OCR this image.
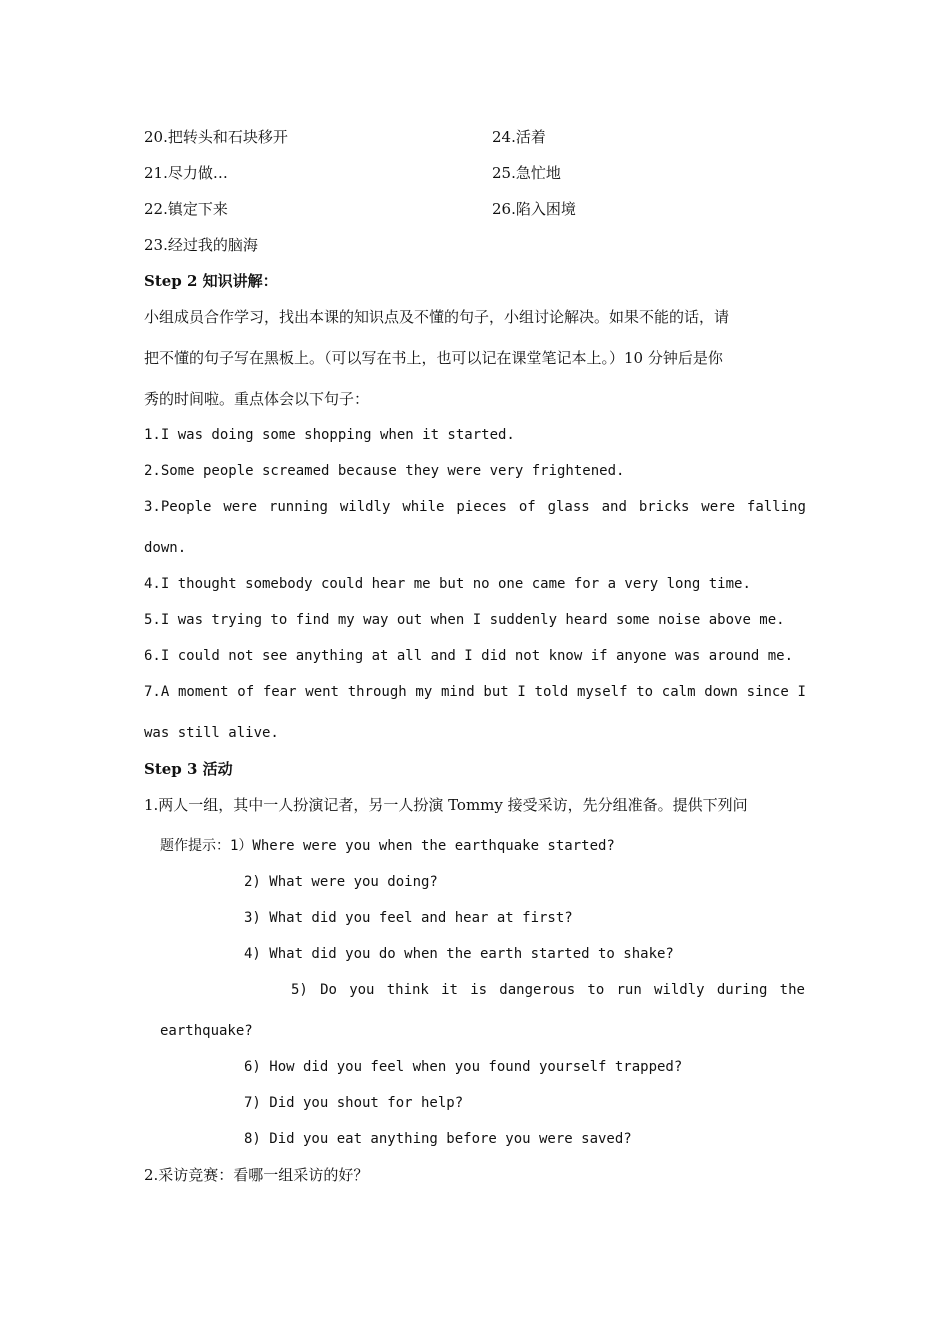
20.把转头和石块移开	24.活着
21.尽力做…	25.急忙地
22.镇定下来	26.陷入困境
23.经过我的脑海
Step 2 知识讲解：
小组成员合作学习，找出本课的知识点及不懂的句子，小组讨论解决。如果不能的话，请
把不懂的句子写在黑板上。（可以写在书上，也可以记在课堂笔记本上。）10 分钟后是你
秀的时间啦。重点体会以下句子：
1.I was doing some shopping when it started.
2.Some people screamed because they were very frightened.
3.People were running wildly while pieces of glass and bricks were falling
down.
4.I thought somebody could hear me but no one came for a very long time.
5.I was trying to find my way out when I suddenly heard some noise above me.
6.I could not see anything at all and I did not know if anyone was around me.
7.A moment of fear went through my mind but I told myself to calm down since I
was still alive.
Step 3 活动
1.两人一组，其中一人扮演记者，另一人扮演 Tommy 接受采访，先分组准备。提供下列问
题作提示：1）Where were you when the earthquake started?
2) What were you doing?
3) What did you feel and hear at first?
4) What did you do when the earth started to shake?
5) Do you think it is dangerous to run wildly during the
earthquake?
6) How did you feel when you found yourself trapped?
7) Did you shout for help?
8) Did you eat anything before you were saved?
2.采访竞赛：看哪一组采访的好？
